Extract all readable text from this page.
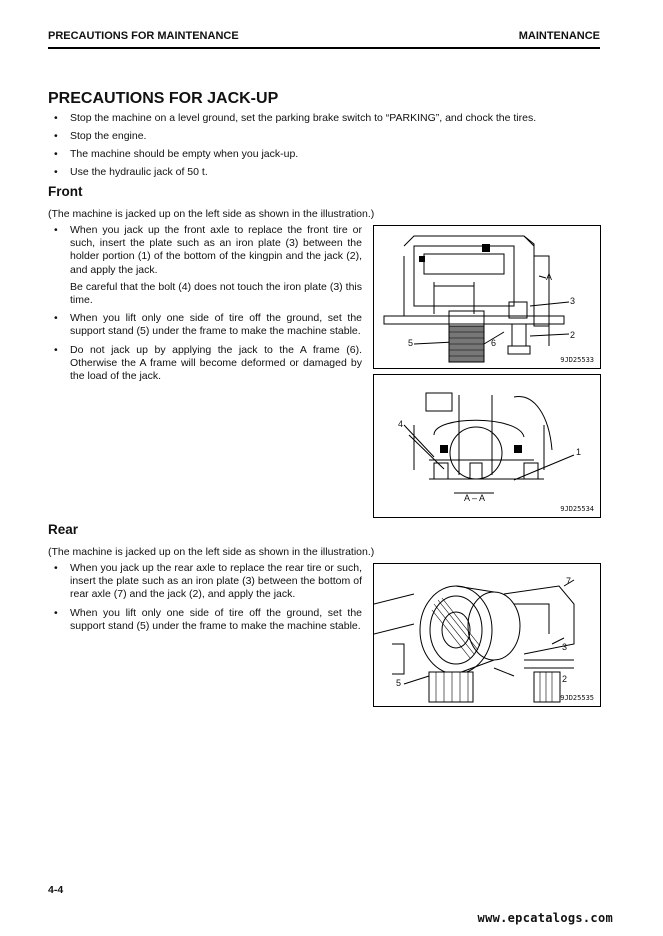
PRECAUTIONS FOR MAINTENANCE	MAINTENANCE
PRECAUTIONS FOR JACK-UP
• Stop the machine on a level ground, set the parking brake switch to “PARKING”, and chock the tires.
• Stop the engine.
• The machine should be empty when you jack-up.
• Use the hydraulic jack of 50 t.
Front
(The machine is jacked up on the left side as shown in the illustration.)

• When you jack up the front axle to replace the front tire or such, insert the plate such as an iron plate (3) between the holder portion (1) of the bottom of the kingpin and the jack (2), and apply the jack.

Be careful that the bolt (4) does not touch the iron plate (3) this time.

• When you lift only one side of tire off the ground, set the support stand (5) under the frame to make the machine stable.

• Do not jack up by applying the jack to the A frame (6). Otherwise the A frame will become deformed or damaged by the load of the jack.

A
3
2
5	6
9JD25533
4
1
A – A
9JD25534
Rear
(The machine is jacked up on the left side as shown in the illustration.)

• When you jack up the rear axle to replace the rear tire or such, insert the plate such as an iron plate (3) between the bottom of rear axle (7) and the jack (2), and apply the jack.

• When you lift only one side of tire off the ground, set the support stand (5) under the frame to make the machine stable.

7
3
2
5
9JD25535
4-4
www.epcatalogs.com
